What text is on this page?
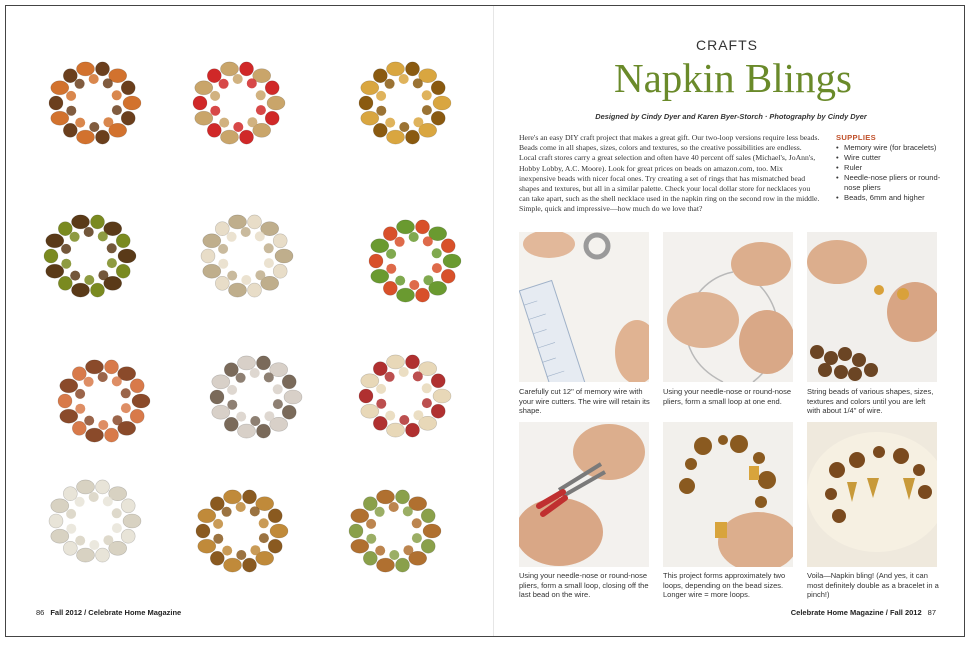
86 Fall 2012 / Celebrate Home Magazine
CRAFTS
Napkin Blings
Designed by Cindy Dyer and Karen Byer-Storch · Photography by Cindy Dyer
Here's an easy DIY craft project that makes a great gift. Our two-loop versions require less beads. Beads come in all shapes, sizes, colors and textures, so the creative possibilities are endless. Local craft stores carry a great selection and often have 40 percent off sales (Michael's, JoAnn's, Hobby Lobby, A.C. Moore). Look for great prices on beads on amazon.com, too. Mix inexpensive beads with nicer focal ones. Try creating a set of rings that has mismatched bead shapes and textures, but all in a similar palette. Check your local dollar store for necklaces you can take apart, such as the shell necklace used in the napkin ring on the second row in the middle. Simple, quick and impressive—how much do we love that?
SUPPLIES
• Memory wire (for bracelets)
• Wire cutter
• Ruler
• Needle-nose pliers or round-nose pliers
• Beads, 6mm and higher
Carefully cut 12" of memory wire with your wire cutters. The wire will retain its shape.
Using your needle-nose or round-nose pliers, form a small loop at one end.
String beads of various shapes, sizes, textures and colors until you are left with about 1/4" of wire.
Using your needle-nose or round-nose pliers, form a small loop, closing off the last bead on the wire.
This project forms approximately two loops, depending on the bead sizes. Longer wire = more loops.
Voila—Napkin bling! (And yes, it can most definitely double as a bracelet in a pinch!)
Celebrate Home Magazine / Fall 2012 87
